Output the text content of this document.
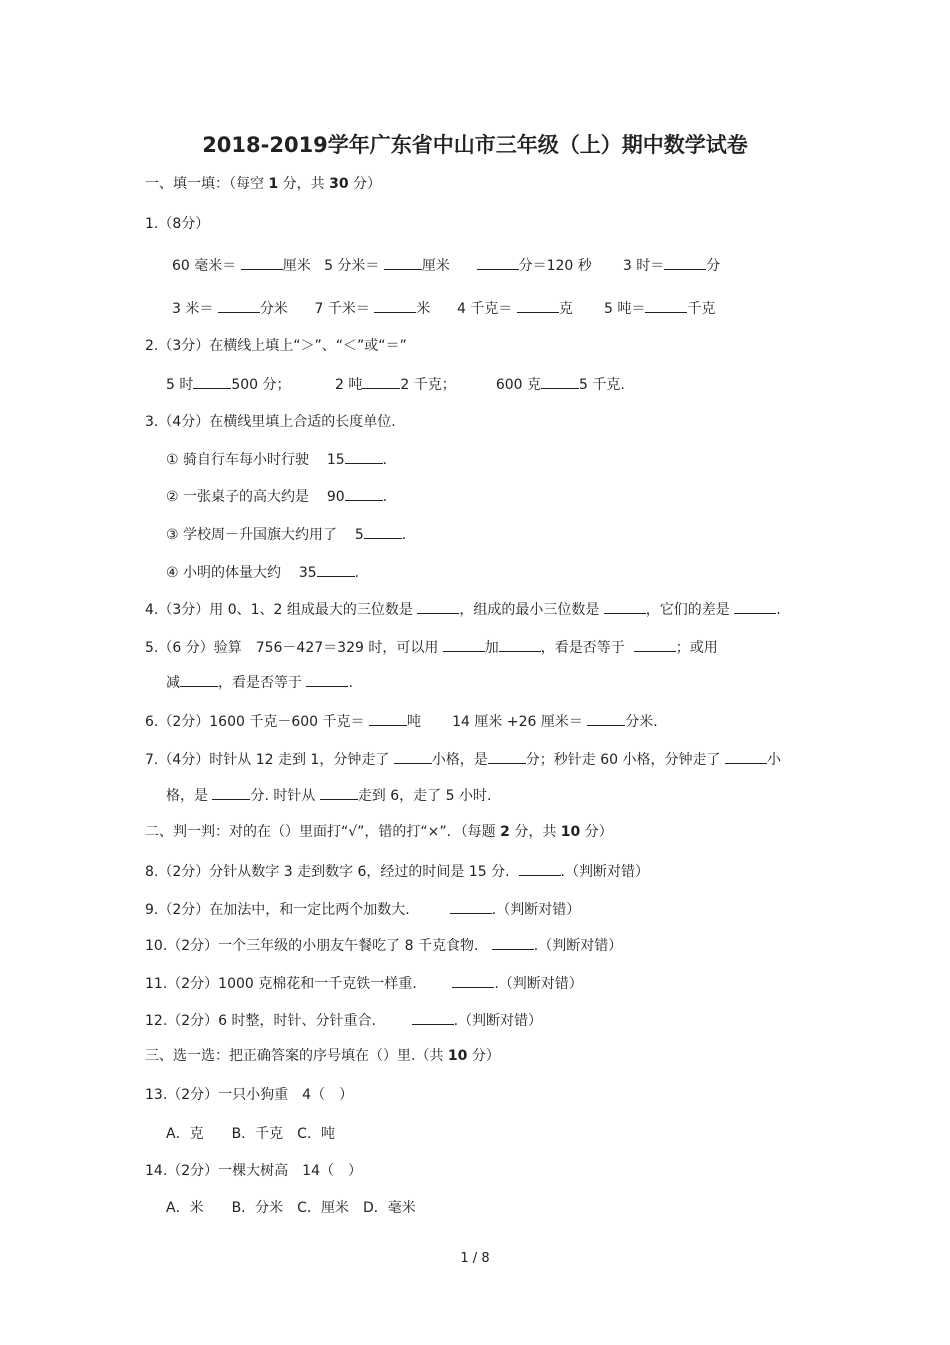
2018-2019学年广东省中山市三年级（上）期中数学试卷
一、填一填：（每空 1 分，共 30 分）
1.（8分）
60 毫米＝	厘米 5 分米＝	厘米	分＝120 秒 3 时＝	分
3 米＝	分米 7 千米＝	米 4 千克＝	克 5 吨＝	千克
2.（3分）在横线上填上“＞”、“＜”或“＝”
5 时	500 分；	2 吨	2 千克；	600 克	5 千克.
3.（4分）在横线里填上合适的长度单位.
① 骑自行车每小时行驶 15	.
② 一张桌子的高大约是 90	.
③ 学校周－升国旗大约用了 5	.
④ 小明的体量大约 35	.
4.（3分）用 0、1、2 组成最大的三位数是	，组成的最小三位数是	，它们的差是	.
5.（6 分）验算　756－427＝329 时，可以用	加	，看是否等于	；或用
减	，看是否等于	.
6.（2分）1600 千克－600 千克＝	吨 14 厘米 +26 厘米＝	分米.
7.（4分）时针从 12 走到 1，分钟走了	小格，是	分；秒针走 60 小格，分钟走了	小
格，是	分. 时针从	走到 6，走了 5 小时.
二、判一判：对的在（）里面打“√”，错的打“×”．（每题 2 分，共 10 分）
8.（2分）分针从数字 3 走到数字 6，经过的时间是 15 分.	.（判断对错）
9.（2分）在加法中，和一定比两个加数大.	.（判断对错）
10.（2分）一个三年级的小朋友午餐吃了 8 千克食物.	.（判断对错）
11.（2分）1000 克棉花和一千克铁一样重.	.（判断对错）
12.（2分）6 时整，时针、分针重合.	.（判断对错）
三、选一选：把正确答案的序号填在（）里.（共 10 分）
13.（2分）一只小狗重　4（　）
A．克　　B．千克　C．吨
14.（2分）一棵大树高　14（　）
A．米　　B．分米　C．厘米　D．毫米
1 / 8
